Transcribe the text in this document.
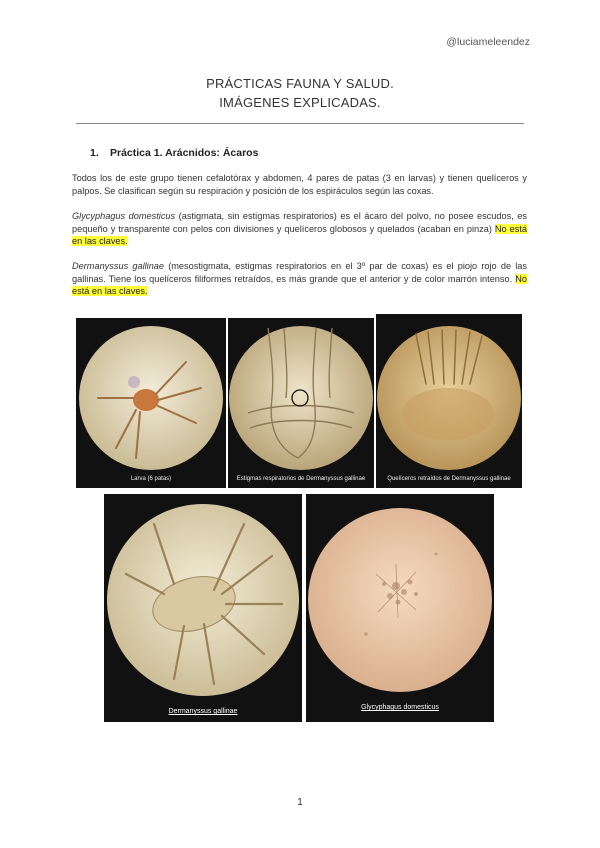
@luciameleendez
PRÁCTICAS FAUNA Y SALUD.
IMÁGENES EXPLICADAS.
1. Práctica 1. Arácnidos: Ácaros
Todos los de este grupo tienen cefalotórax y abdomen, 4 pares de patas (3 en larvas) y tienen quelíceros y palpos. Se clasifican según su respiración y posición de los espiráculos según las coxas.
Glycyphagus domesticus (astigmata, sin estigmas respiratorios) es el ácaro del polvo, no posee escudos, es pequeño y transparente con pelos con divisiones y quelíceros globosos y quelados (acaban en pinza) No está en las claves.
Dermanyssus gallinae (mesostigmata, estigmas respiratorios en el 3º par de coxas) es el piojo rojo de las gallinas. Tiene los quelíceros filiformes retraídos, es más grande que el anterior y de color marrón intenso. No está en las claves.
Larva (6 patas)	Estigmas respiratorios de Dermanyssus gallinae	Quelíceros retraídos de Dermanyssus gallinae
Dermanyssus gallinae
Glycyphagus domesticus
1
